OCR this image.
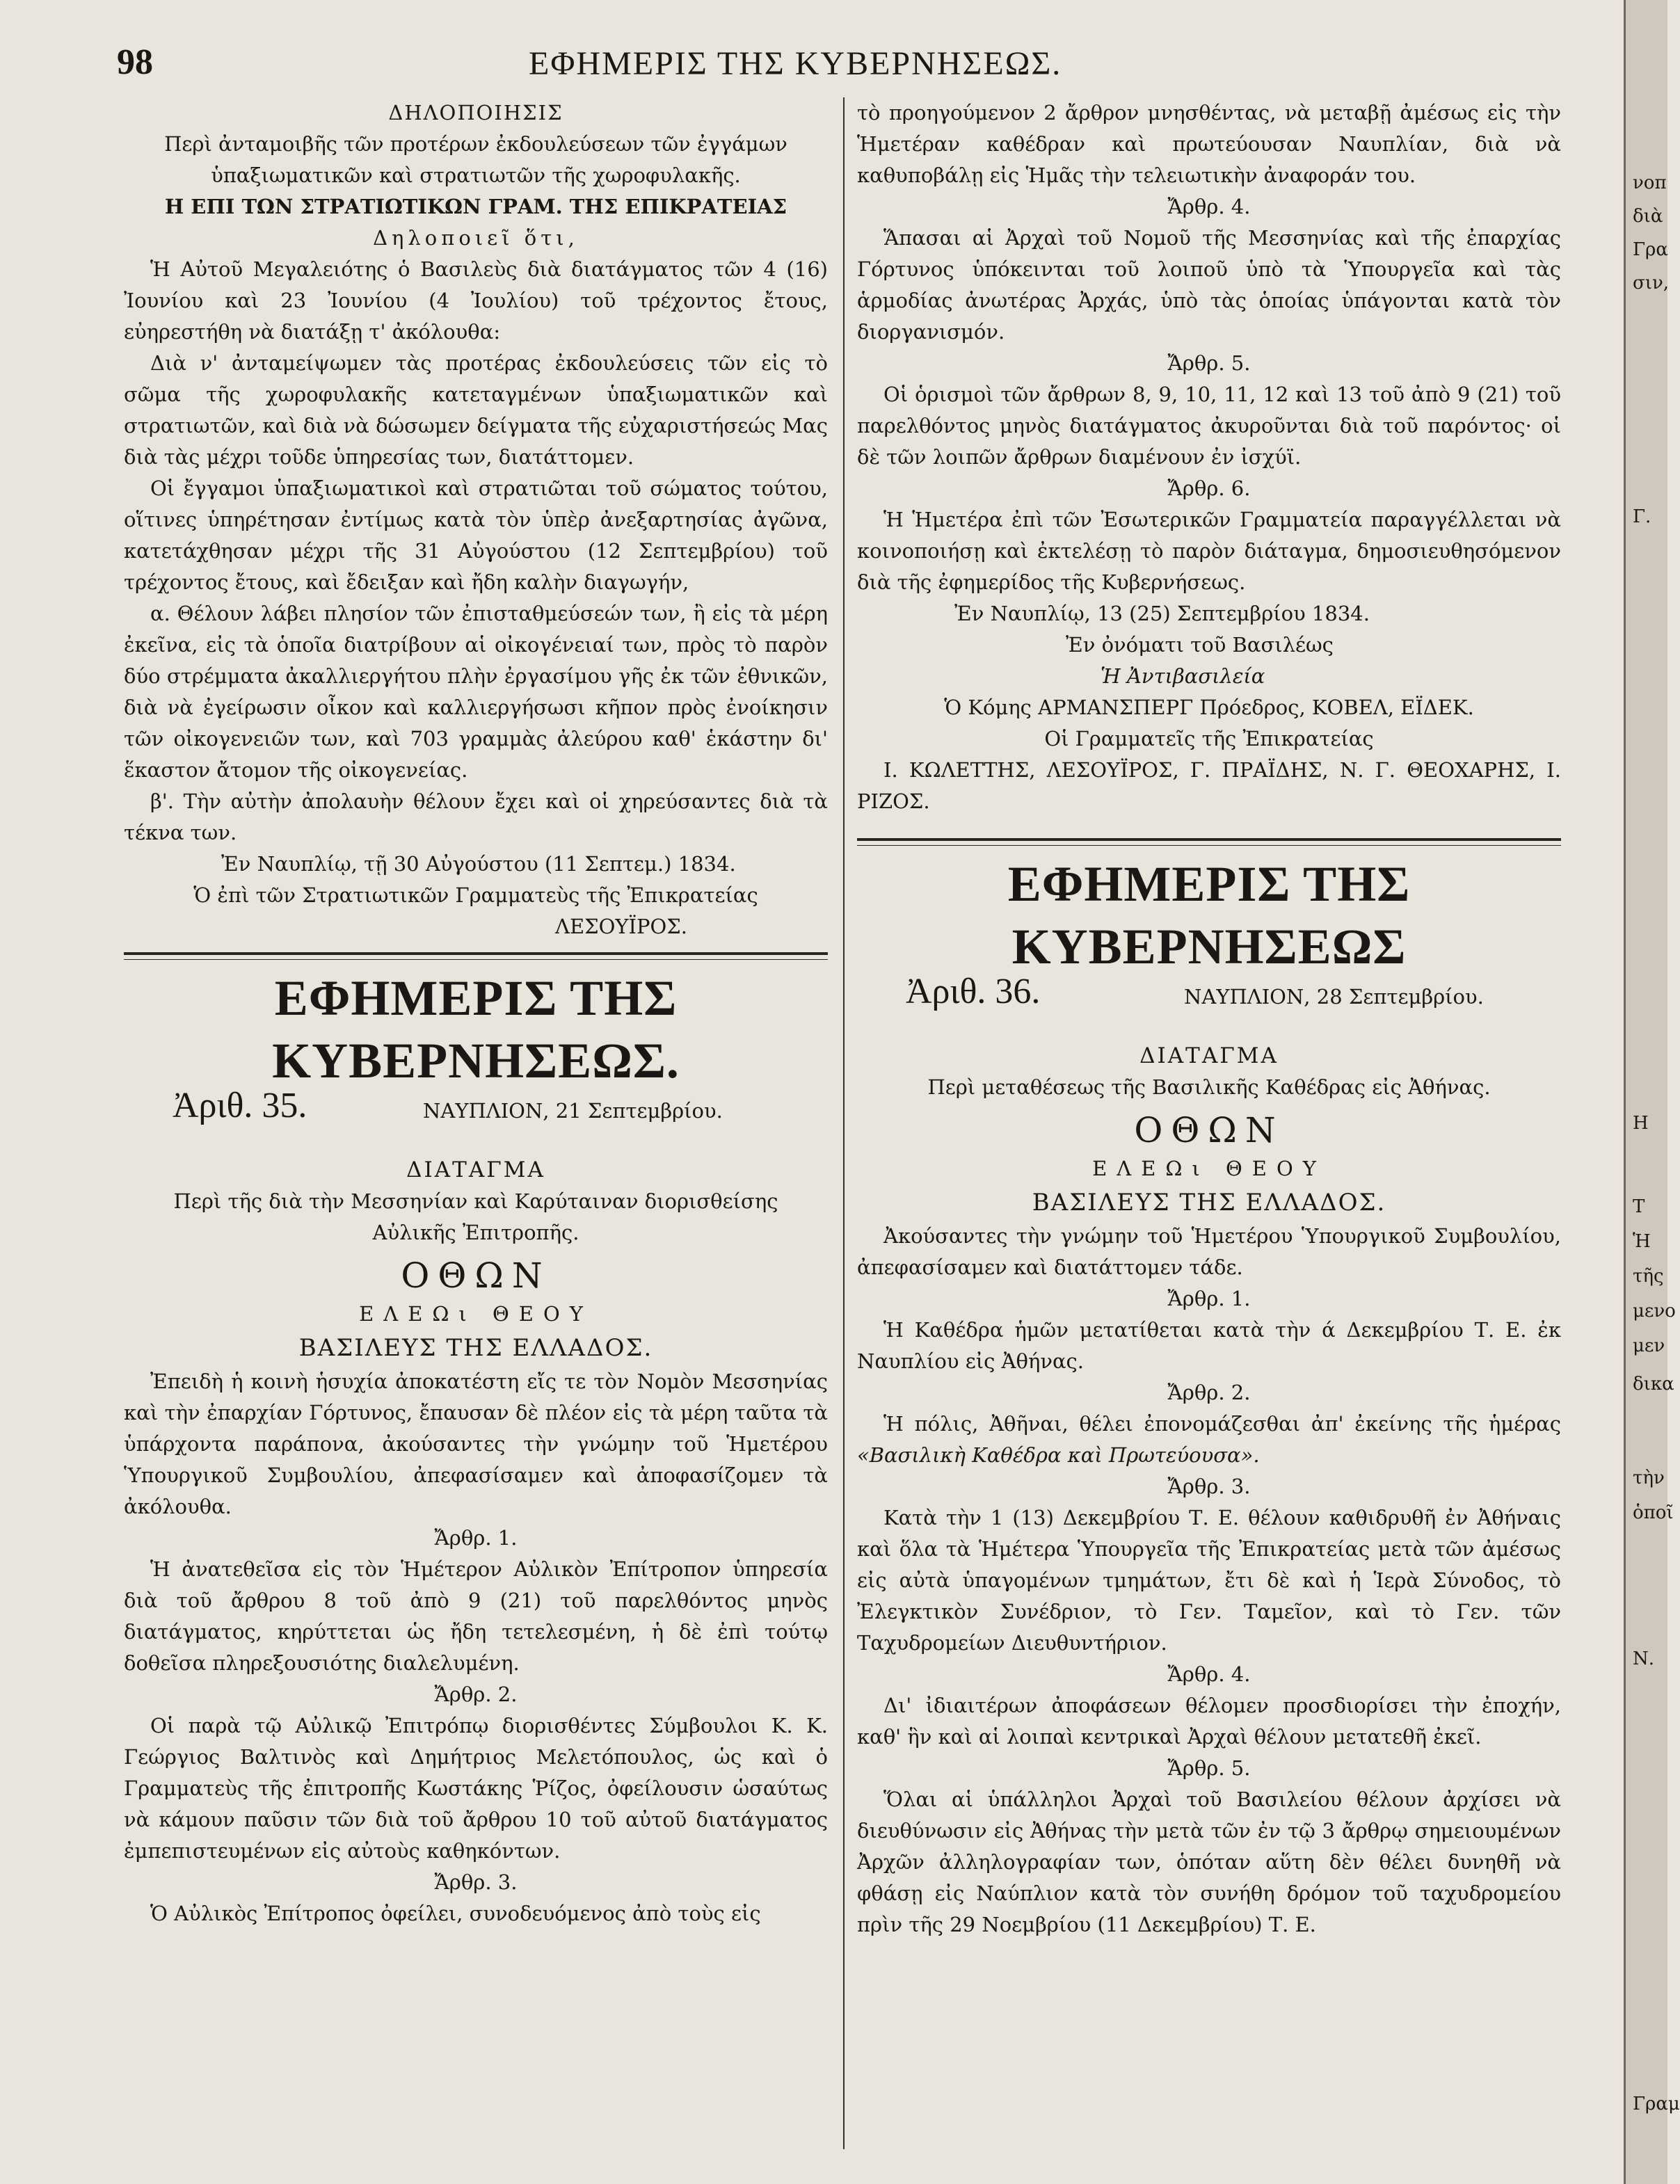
98	ΕΦΗΜΕΡΙΣ ΤΗΣ ΚΥΒΕΡΝΗΣΕΩΣ.

ΔΗΛΟΠΟΙΗΣΙΣ

Περὶ ἀνταμοιβῆς τῶν προτέρων ἐκδουλεύσεων τῶν ἐγγάμων

ὑπαξιωματικῶν καὶ στρατιωτῶν τῆς χωροφυλακῆς.

Η ΕΠΙ ΤΩΝ ΣΤΡΑΤΙΩΤΙΚΩΝ ΓΡΑΜ. ΤΗΣ ΕΠΙΚΡΑΤΕΙΑΣ

Δηλοποιεῖ ὅτι,

Ἡ Αὐτοῦ Μεγαλειότης ὁ Βασιλεὺς διὰ διατάγματος τῶν 4 (16) Ἰουνίου καὶ 23 Ἰουνίου (4 Ἰουλίου) τοῦ τρέχοντος ἔτους, εὐηρεστήθη νὰ διατάξῃ τ' ἀκόλουθα:

Διὰ ν' ἀνταμείψωμεν τὰς προτέρας ἐκδουλεύσεις τῶν εἰς τὸ σῶμα τῆς χωροφυλακῆς κατεταγμένων ὑπαξιωματικῶν καὶ στρατιωτῶν, καὶ διὰ νὰ δώσωμεν δείγματα τῆς εὐχαριστήσεώς Μας διὰ τὰς μέχρι τοῦδε ὑπηρεσίας των, διατάττομεν.

Οἱ ἔγγαμοι ὑπαξιωματικοὶ καὶ στρατιῶται τοῦ σώματος τούτου, οἵτινες ὑπηρέτησαν ἐντίμως κατὰ τὸν ὑπὲρ ἀνεξαρτησίας ἀγῶνα, κατετάχθησαν μέχρι τῆς 31 Αὐγούστου (12 Σεπτεμβρίου) τοῦ τρέχοντος ἔτους, καὶ ἔδειξαν καὶ ἤδη καλὴν διαγωγήν,

α. Θέλουν λάβει πλησίον τῶν ἐπισταθμεύσεών των, ἢ εἰς τὰ μέρη ἐκεῖνα, εἰς τὰ ὁποῖα διατρίβουν αἱ οἰκογένειαί των, πρὸς τὸ παρὸν δύο στρέμματα ἀκαλλιεργήτου πλὴν ἐργασίμου γῆς ἐκ τῶν ἐθνικῶν, διὰ νὰ ἐγείρωσιν οἶκον καὶ καλλιεργήσωσι κῆπον πρὸς ἐνοίκησιν τῶν οἰκογενειῶν των, καὶ 703 γραμμὰς ἀλεύρου καθ' ἑκάστην δι' ἕκαστον ἄτομον τῆς οἰκογενείας.

β'. Τὴν αὐτὴν ἀπολαυὴν θέλουν ἔχει καὶ οἱ χηρεύσαντες διὰ τὰ τέκνα των.

Ἐν Ναυπλίῳ, τῇ 30 Αὐγούστου (11 Σεπτεμ.) 1834.

Ὁ ἐπὶ τῶν Στρατιωτικῶν Γραμματεὺς τῆς Ἐπικρατείας

ΛΕΣΟΥΪΡΟΣ.

ΕΦΗΜΕΡΙΣ ΤΗΣ ΚΥΒΕΡΝΗΣΕΩΣ.
Ἀριθ. 35.	ΝΑΥΠΛΙΟΝ, 21 Σεπτεμβρίου.

ΔΙΑΤΑΓΜΑ

Περὶ τῆς διὰ τὴν Μεσσηνίαν καὶ Καρύταιναν διορισθείσης

Αὐλικῆς Ἐπιτροπῆς.

ΟΘΩΝ

ΕΛΕΩι ΘΕΟΥ

ΒΑΣΙΛΕΥΣ ΤΗΣ ΕΛΛΑΔΟΣ.

Ἐπειδὴ ἡ κοινὴ ἡσυχία ἀποκατέστη εἴς τε τὸν Νομὸν Μεσσηνίας καὶ τὴν ἐπαρχίαν Γόρτυνος, ἔπαυσαν δὲ πλέον εἰς τὰ μέρη ταῦτα τὰ ὑπάρχοντα παράπονα, ἀκούσαντες τὴν γνώμην τοῦ Ἡμετέρου Ὑπουργικοῦ Συμβουλίου, ἀπεφασίσαμεν καὶ ἀποφασίζομεν τὰ ἀκόλουθα.

Ἄρθρ. 1.

Ἡ ἀνατεθεῖσα εἰς τὸν Ἡμέτερον Αὐλικὸν Ἐπίτροπον ὑπηρεσία διὰ τοῦ ἄρθρου 8 τοῦ ἀπὸ 9 (21) τοῦ παρελθόντος μηνὸς διατάγματος, κηρύττεται ὡς ἤδη τετελεσμένη, ἡ δὲ ἐπὶ τούτῳ δοθεῖσα πληρεξουσιότης διαλελυμένη.

Ἄρθρ. 2.

Οἱ παρὰ τῷ Αὐλικῷ Ἐπιτρόπῳ διορισθέντες Σύμβουλοι Κ. Κ. Γεώργιος Βαλτινὸς καὶ Δημήτριος Μελετόπουλος, ὡς καὶ ὁ Γραμματεὺς τῆς ἐπιτροπῆς Κωστάκης Ῥίζος, ὀφείλουσιν ὡσαύτως νὰ κάμουν παῦσιν τῶν διὰ τοῦ ἄρθρου 10 τοῦ αὐτοῦ διατάγματος ἐμπεπιστευμένων εἰς αὐτοὺς καθηκόντων.

Ἄρθρ. 3.

Ὁ Αὐλικὸς Ἐπίτροπος ὀφείλει, συνοδευόμενος ἀπὸ τοὺς εἰς

τὸ προηγούμενον 2 ἄρθρον μνησθέντας, νὰ μεταβῇ ἀμέσως εἰς τὴν Ἡμετέραν καθέδραν καὶ πρωτεύουσαν Ναυπλίαν, διὰ νὰ καθυποβάλῃ εἰς Ἡμᾶς τὴν τελειωτικὴν ἀναφοράν του.

Ἄρθρ. 4.

Ἅπασαι αἱ Ἀρχαὶ τοῦ Νομοῦ τῆς Μεσσηνίας καὶ τῆς ἐπαρχίας Γόρτυνος ὑπόκεινται τοῦ λοιποῦ ὑπὸ τὰ Ὑπουργεῖα καὶ τὰς ἁρμοδίας ἀνωτέρας Ἀρχάς, ὑπὸ τὰς ὁποίας ὑπάγονται κατὰ τὸν διοργανισμόν.

Ἄρθρ. 5.

Οἱ ὁρισμοὶ τῶν ἄρθρων 8, 9, 10, 11, 12 καὶ 13 τοῦ ἀπὸ 9 (21) τοῦ παρελθόντος μηνὸς διατάγματος ἀκυροῦνται διὰ τοῦ παρόντος· οἱ δὲ τῶν λοιπῶν ἄρθρων διαμένουν ἐν ἰσχύϊ.

Ἄρθρ. 6.

Ἡ Ἡμετέρα ἐπὶ τῶν Ἐσωτερικῶν Γραμματεία παραγγέλλεται νὰ κοινοποιήσῃ καὶ ἐκτελέσῃ τὸ παρὸν διάταγμα, δημοσιευθησόμενον διὰ τῆς ἐφημερίδος τῆς Κυβερνήσεως.

Ἐν Ναυπλίῳ, 13 (25) Σεπτεμβρίου 1834.

Ἐν ὀνόματι τοῦ Βασιλέως

Ἡ Ἀντιβασιλεία

Ὁ Κόμης ΑΡΜΑΝΣΠΕΡΓ Πρόεδρος, ΚΟΒΕΛ, ΕΪΔΕΚ.

Οἱ Γραμματεῖς τῆς Ἐπικρατείας

Ι. ΚΩΛΕΤΤΗΣ, ΛΕΣΟΥΪΡΟΣ, Γ. ΠΡΑΪΔΗΣ, Ν. Γ. ΘΕΟΧΑΡΗΣ, Ι. ΡΙΖΟΣ.

ΕΦΗΜΕΡΙΣ ΤΗΣ ΚΥΒΕΡΝΗΣΕΩΣ
Ἀριθ. 36.	ΝΑΥΠΛΙΟΝ, 28 Σεπτεμβρίου.

ΔΙΑΤΑΓΜΑ

Περὶ μεταθέσεως τῆς Βασιλικῆς Καθέδρας εἰς Ἀθήνας.

ΟΘΩΝ

ΕΛΕΩι ΘΕΟΥ

ΒΑΣΙΛΕΥΣ ΤΗΣ ΕΛΛΑΔΟΣ.

Ἀκούσαντες τὴν γνώμην τοῦ Ἡμετέρου Ὑπουργικοῦ Συμβουλίου, ἀπεφασίσαμεν καὶ διατάττομεν τάδε.

Ἄρθρ. 1.

Ἡ Καθέδρα ἡμῶν μετατίθεται κατὰ τὴν ά Δεκεμβρίου Τ. Ε. ἐκ Ναυπλίου εἰς Ἀθήνας.

Ἄρθρ. 2.

Ἡ πόλις, Ἀθῆναι, θέλει ἐπονομάζεσθαι ἀπ' ἐκείνης τῆς ἡμέρας «Βασιλικὴ Καθέδρα καὶ Πρωτεύουσα».

Ἄρθρ. 3.

Κατὰ τὴν 1 (13) Δεκεμβρίου Τ. Ε. θέλουν καθιδρυθῆ ἐν Ἀθήναις καὶ ὅλα τὰ Ἡμέτερα Ὑπουργεῖα τῆς Ἐπικρατείας μετὰ τῶν ἀμέσως εἰς αὐτὰ ὑπαγομένων τμημάτων, ἔτι δὲ καὶ ἡ Ἱερὰ Σύνοδος, τὸ Ἐλεγκτικὸν Συνέδριον, τὸ Γεν. Ταμεῖον, καὶ τὸ Γεν. τῶν Ταχυδρομείων Διευθυντήριον.

Ἄρθρ. 4.

Δι' ἰδιαιτέρων ἀποφάσεων θέλομεν προσδιορίσει τὴν ἐποχήν, καθ' ἣν καὶ αἱ λοιπαὶ κεντρικαὶ Ἀρχαὶ θέλουν μετατεθῆ ἐκεῖ.

Ἄρθρ. 5.

Ὅλαι αἱ ὑπάλληλοι Ἀρχαὶ τοῦ Βασιλείου θέλουν ἀρχίσει νὰ διευθύνωσιν εἰς Ἀθήνας τὴν μετὰ τῶν ἐν τῷ 3 ἄρθρῳ σημειουμένων Ἀρχῶν ἀλληλογραφίαν των, ὁπόταν αὕτη δὲν θέλει δυνηθῆ νὰ φθάσῃ εἰς Ναύπλιον κατὰ τὸν συνήθη δρόμον τοῦ ταχυδρομείου πρὶν τῆς 29 Νοεμβρίου (11 Δεκεμβρίου) Τ. Ε.

νοπ
διὰ
Γρα
σιν,
Γ.
Η
Τ
Ἡ
τῆς
μενο
μεν
δικα
τὴν
ὁποῖ
Ν.
Γραμ
